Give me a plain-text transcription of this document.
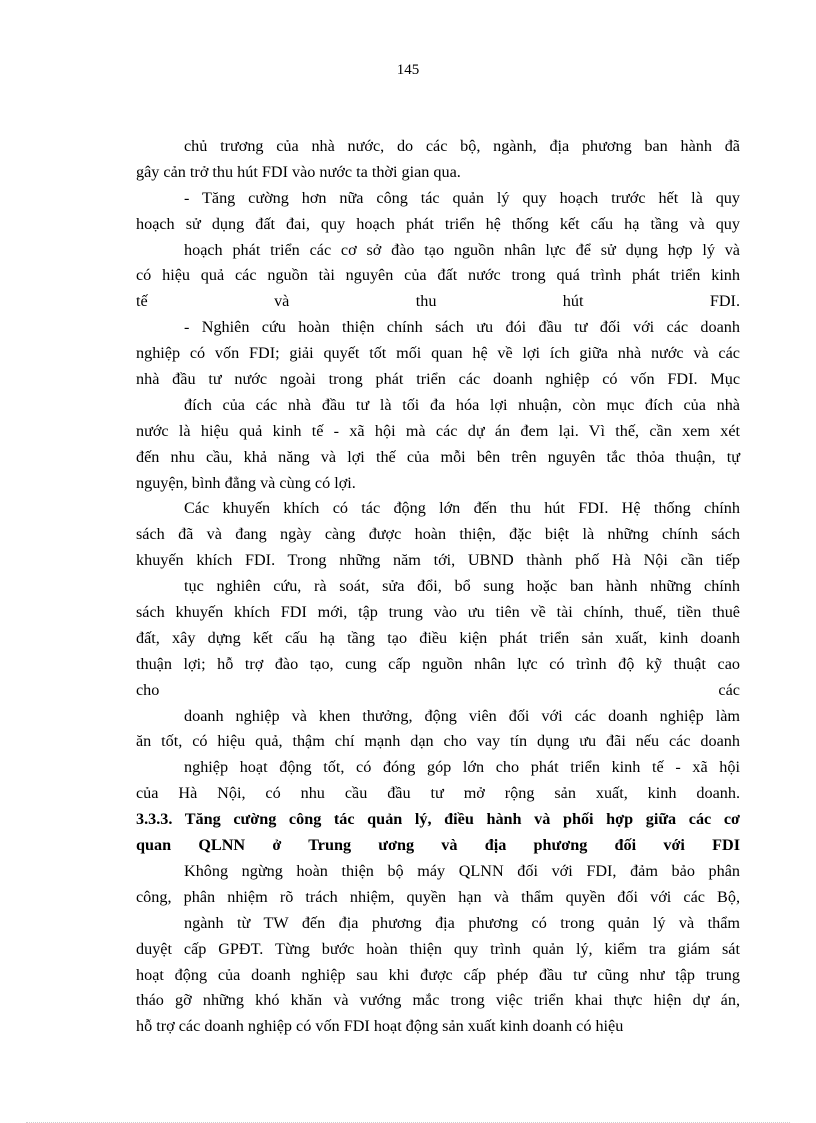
145
chủ trương của nhà nước, do các bộ, ngành, địa phương ban hành đã
gây cản trở thu hút FDI vào nước ta thời gian qua.
- Tăng cường hơn nữa công tác quản lý quy hoạch trước hết là quy
hoạch sử dụng đất đai, quy hoạch phát triển hệ thống kết cấu hạ tầng và quy
hoạch phát triển các cơ sở đào tạo nguồn nhân lực để sử dụng hợp lý và
có hiệu quả các nguồn tài nguyên của đất nước trong quá trình phát triển kinh
tế và thu hút FDI.
- Nghiên cứu hoàn thiện chính sách ưu đói đầu tư đối với các doanh
nghiệp có vốn FDI; giải quyết tốt mối quan hệ về lợi ích giữa nhà nước và các
nhà đầu tư nước ngoài trong phát triển các doanh nghiệp có vốn FDI. Mục
đích của các nhà đầu tư là tối đa hóa lợi nhuận, còn mục đích của nhà
nước là hiệu quả kinh tế - xã hội mà các dự án đem lại. Vì thế, cần xem xét
đến nhu cầu, khả năng và lợi thế của mỗi bên trên nguyên tắc thỏa thuận, tự
nguyện, bình đẳng và cùng có lợi.
Các khuyến khích có tác động lớn đến thu hút FDI. Hệ thống chính
sách đã và đang ngày càng được hoàn thiện, đặc biệt là những chính sách
khuyến khích FDI. Trong những năm tới, UBND thành phố Hà Nội cần tiếp
tục nghiên cứu, rà soát, sửa đổi, bổ sung hoặc ban hành những chính
sách khuyến khích FDI mới, tập trung vào ưu tiên về tài chính, thuế, tiền thuê
đất, xây dựng kết cấu hạ tầng tạo điều kiện phát triển sản xuất, kinh doanh
thuận lợi; hỗ trợ đào tạo, cung cấp nguồn nhân lực có trình độ kỹ thuật cao
cho các
doanh nghiệp và khen thưởng, động viên đối với các doanh nghiệp làm
ăn tốt, có hiệu quả, thậm chí mạnh dạn cho vay tín dụng ưu đãi nếu các doanh
nghiệp hoạt động tốt, có đóng góp lớn cho phát triển kinh tế - xã hội
của Hà Nội, có nhu cầu đầu tư mở rộng sản xuất, kinh doanh.
3.3.3. Tăng cường công tác quản lý, điều hành và phối hợp giữa các cơ
quan QLNN ở Trung ương và địa phương đối với FDI
Không ngừng hoàn thiện bộ máy QLNN đối với FDI, đảm bảo phân
công, phân nhiệm rõ trách nhiệm, quyền hạn và thẩm quyền đối với các Bộ,
ngành từ TW đến địa phương địa phương có trong quản lý và thẩm
duyệt cấp GPĐT. Từng bước hoàn thiện quy trình quản lý, kiểm tra giám sát
hoạt động của doanh nghiệp sau khi được cấp phép đầu tư cũng như tập trung
tháo gỡ những khó khăn và vướng mắc trong việc triển khai thực hiện dự án,
hỗ trợ các doanh nghiệp có vốn FDI hoạt động sản xuất kinh doanh có hiệu
